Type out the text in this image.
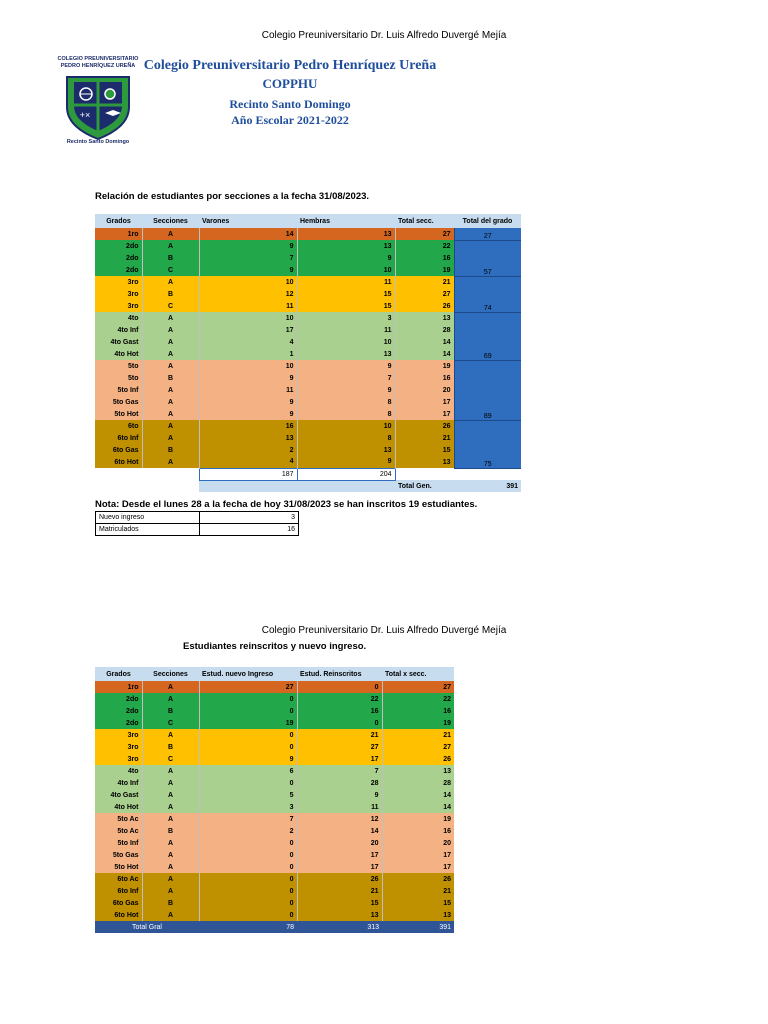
Colegio Preuniversitario Dr. Luis Alfredo Duvergé Mejía
+×
COLEGIO PREUNIVERSITARIO
PEDRO HENRÍQUEZ UREÑA
Recinto Santo Domingo
Colegio Preuniversitario Pedro Henríquez Ureña
COPPHU
Recinto Santo Domingo
Año Escolar 2021-2022
Relación de estudiantes por secciones a la fecha 31/08/2023.
Grados	Secciones	Varones	Hembras	Total secc.	Total del grado
1ro	A	14	13	27	27
2do	A	9	13	22	57
2do	B	7	9	16	
2do	C	9	10	19	
3ro	A	10	11	21	74
3ro	B	12	15	27	
3ro	C	11	15	26	
4to	A	10	3	13	69
4to Inf	A	17	11	28	
4to Gast	A	4	10	14	
4to Hot	A	1	13	14	
5to	A	10	9	19	89
5to	B	9	7	16	
5to Inf	A	11	9	20	
5to Gas	A	9	8	17	
5to Hot	A	9	8	17	
6to	A	16	10	26	75
6to Inf	A	13	8	21	
6to Gas	B	2	13	15	
6to Hot	A	4	9	13	
		187	204		
				Total Gen.	391
Nota: Desde el lunes 28 a la fecha de hoy 31/08/2023 se han inscritos 19 estudiantes.
Nuevo ingreso	3
Matriculados	16
Colegio Preuniversitario Dr. Luis Alfredo Duvergé Mejía
Estudiantes reinscritos y nuevo ingreso.
Grados	Secciones	Estud. nuevo Ingreso	Estud. Reinscritos	Total x secc.
1ro	A	27	0	27
2do	A	0	22	22
2do	B	0	16	16
2do	C	19	0	19
3ro	A	0	21	21
3ro	B	0	27	27
3ro	C	9	17	26
4to	A	6	7	13
4to Inf	A	0	28	28
4to Gast	A	5	9	14
4to Hot	A	3	11	14
5to Ac	A	7	12	19
5to Ac	B	2	14	16
5to Inf	A	0	20	20
5to Gas	A	0	17	17
5to Hot	A	0	17	17
6to Ac	A	0	26	26
6to Inf	A	0	21	21
6to Gas	B	0	15	15
6to Hot	A	0	13	13
Total Gral		78	313	391
